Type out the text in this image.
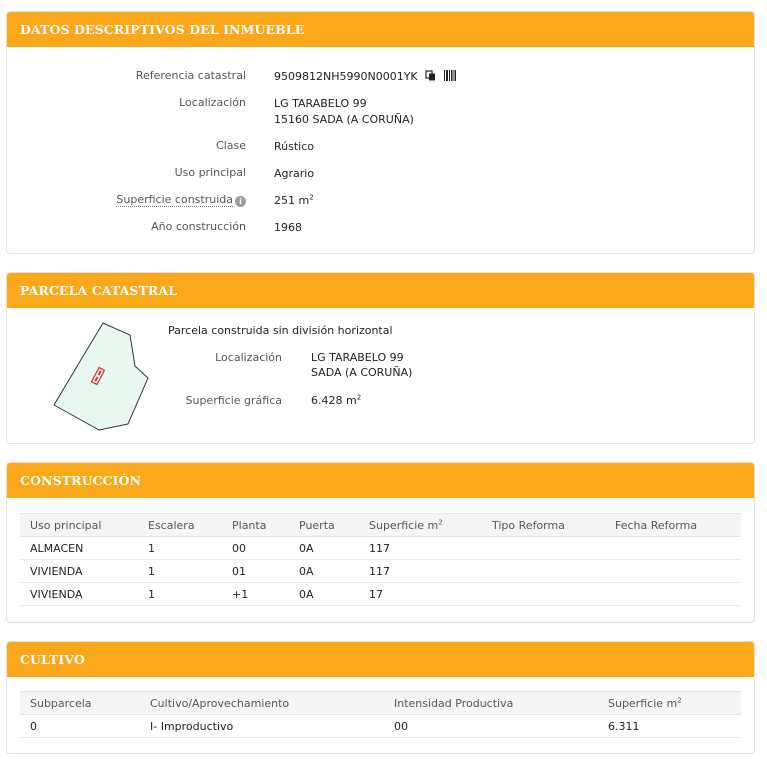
DATOS DESCRIPTIVOS DEL INMUEBLE
Referencia catastral	9509812NH5990N0001YK
Localización	LG TARABELO 99
15160 SADA (A CORUÑA)
Clase	Rústico
Uso principal	Agrario
Superficie construida i	251 $m^2$
Año construcción	1968
PARCELA CATASTRAL
Parcela construida sin división horizontal
Localización	LG TARABELO 99
SADA (A CORUÑA)
Superficie gráfica	6.428 $m^2$
CONSTRUCCIÓN
Uso principal	Escalera	Planta	Puerta	Superficie $m^2$	Tipo Reforma	Fecha Reforma
ALMACEN	1	00	0A	117		
VIVIENDA	1	01	0A	117		
VIVIENDA	1	+1	0A	17		
CULTIVO
Subparcela	Cultivo/Aprovechamiento	Intensidad Productiva	Superficie $m^2$
0	I- Improductivo	00	6.311
